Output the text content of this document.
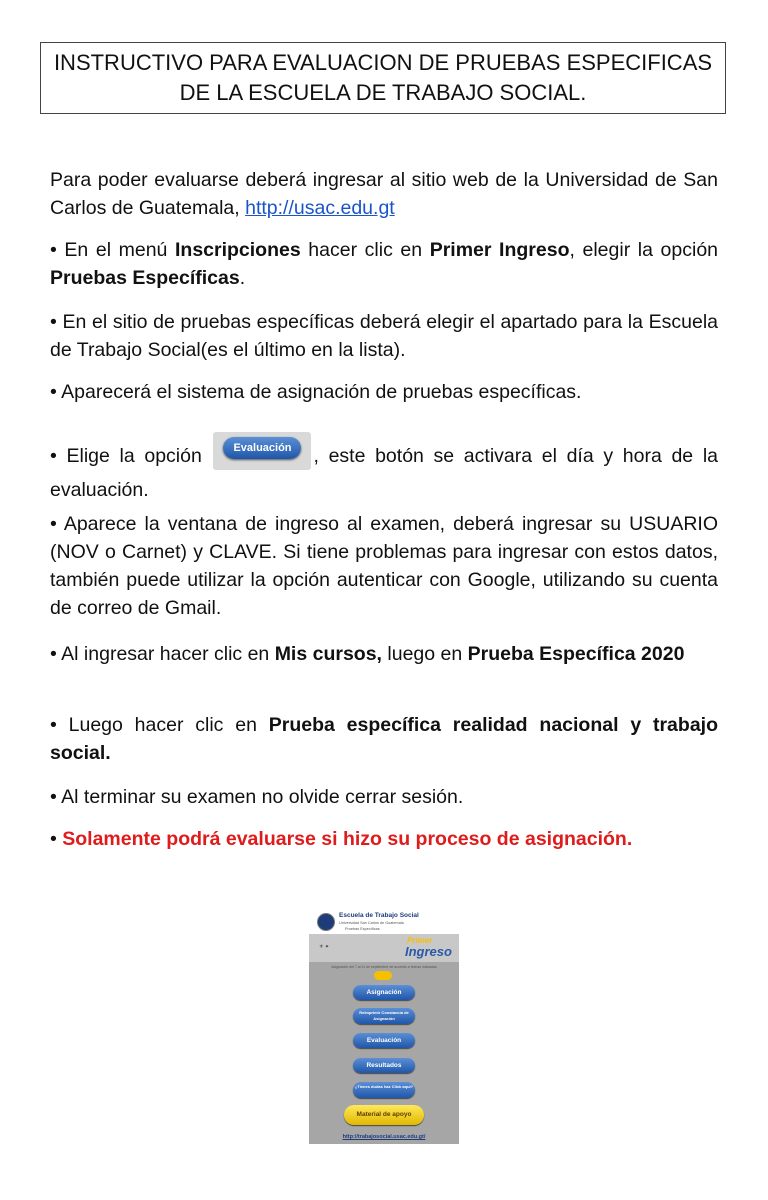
INSTRUCTIVO PARA EVALUACION DE PRUEBAS ESPECIFICAS
DE LA ESCUELA DE TRABAJO SOCIAL.
Para poder evaluarse deberá ingresar al sitio web de la Universidad de San Carlos de Guatemala, http://usac.edu.gt
• En el menú Inscripciones hacer clic en Primer Ingreso, elegir la opción Pruebas Específicas.
• En el sitio de pruebas específicas deberá elegir el apartado para la Escuela de Trabajo Social(es el último en la lista).
• Aparecerá el sistema de asignación de pruebas específicas.
• Elige la opción	Evaluación	, este botón se activara el día y hora de la evaluación.
• Aparece la ventana de ingreso al examen, deberá ingresar su USUARIO (NOV o Carnet) y CLAVE. Si tiene problemas para ingresar con estos datos, también puede utilizar la opción autenticar con Google, utilizando su cuenta de correo de Gmail.
• Al ingresar hacer clic en Mis cursos, luego en Prueba Específica 2020
• Luego hacer clic en Prueba específica realidad nacional y trabajo social.
• Al terminar su examen no olvide cerrar sesión.
• Solamente podrá evaluarse si hizo su proceso de asignación.
Escuela de Trabajo Social
Universidad San Carlos de Guatemala
Pruebas Específicas
⚜ ✦
Primer
Ingreso
Asignación del 7 al 11 de septiembre de acuerdo a fechas indicadas
Asignación
Reimprimir Constancia de Asignación
Evaluación
Resultados
¿Tienes dudas haz Click aquí?
Material de apoyo
http://trabajosocial.usac.edu.gt/
